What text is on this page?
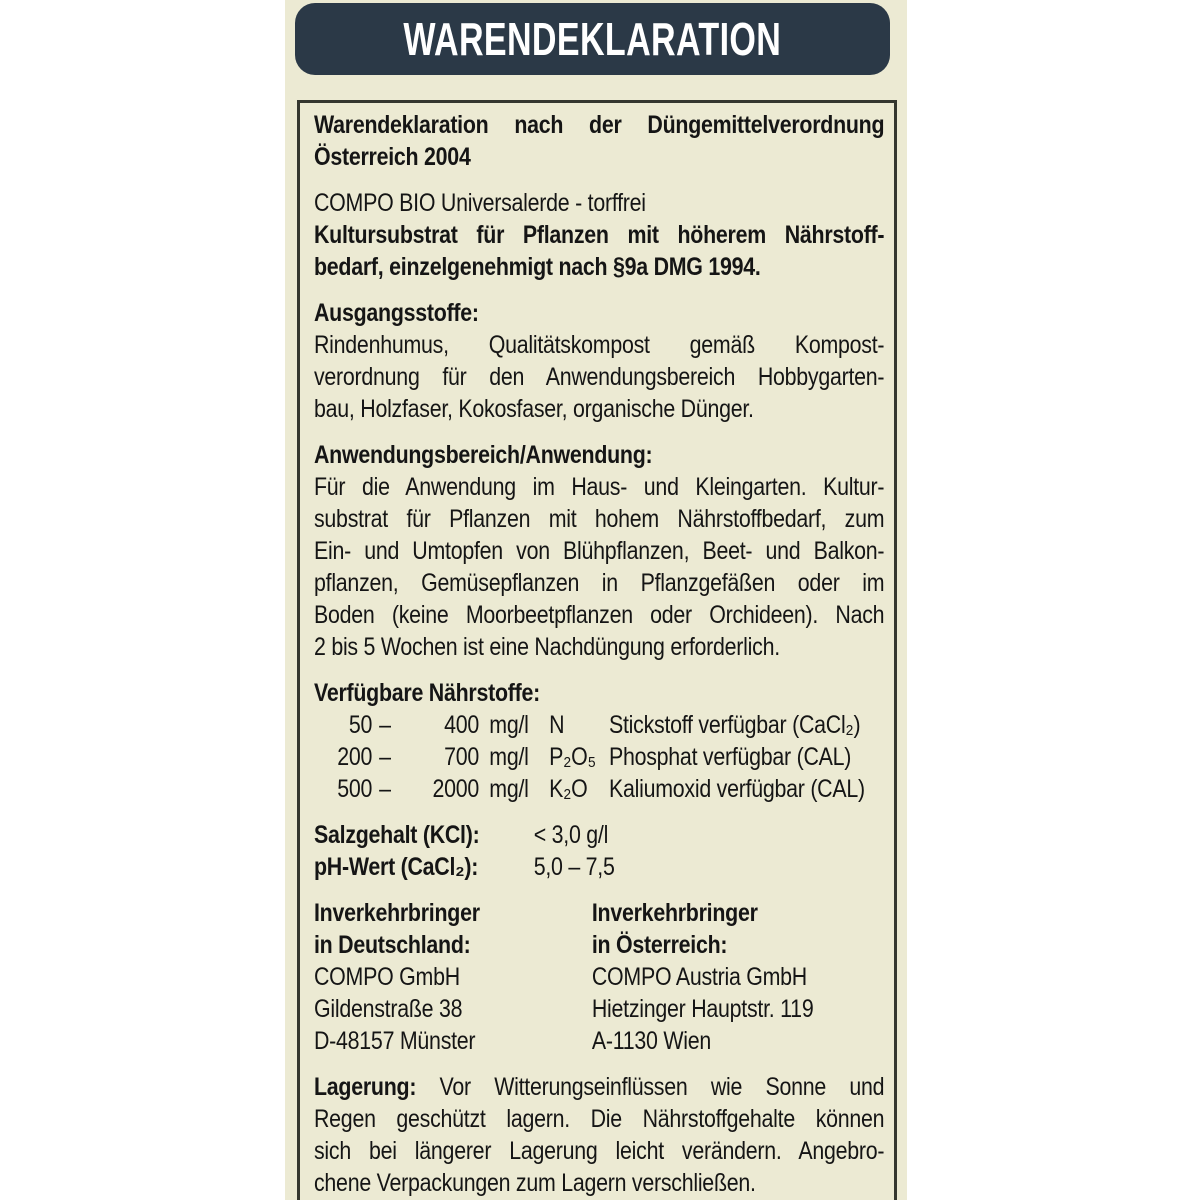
WARENDEKLARATION
Warendeklaration nach der Düngemittelverordnung
Österreich 2004
COMPO BIO Universalerde - torffrei
Kultursubstrat für Pflanzen mit höherem Nährstoff-
bedarf, einzelgenehmigt nach §9a DMG 1994.
Ausgangsstoffe:
Rindenhumus, Qualitätskompost gemäß Kompost-
verordnung für den Anwendungsbereich Hobbygarten-
bau, Holzfaser, Kokosfaser, organische Dünger.
Anwendungsbereich/Anwendung:
Für die Anwendung im Haus- und Kleingarten. Kultur-
substrat für Pflanzen mit hohem Nährstoffbedarf, zum
Ein- und Umtopfen von Blühpflanzen, Beet- und Balkon-
pflanzen, Gemüsepflanzen in Pflanzgefäßen oder im
Boden (keine Moorbeetpflanzen oder Orchideen). Nach
2 bis 5 Wochen ist eine Nachdüngung erforderlich.
Verfügbare Nährstoffe:
50 –	400 mg/l N	Stickstoff verfügbar (CaCl₂)
200 –	700 mg/l P₂O₅ Phosphat verfügbar (CAL)
500 –	2000 mg/l K₂O Kaliumoxid verfügbar (CAL)
Salzgehalt (KCl):	< 3,0 g/l
pH-Wert (CaCl₂):	5,0 – 7,5
Inverkehrbringer
in Deutschland:
COMPO GmbH
Gildenstraße 38
D-48157 Münster
Inverkehrbringer
in Österreich:
COMPO Austria GmbH
Hietzinger Hauptstr. 119
A-1130 Wien
Lagerung: Vor Witterungseinflüssen wie Sonne und
Regen geschützt lagern. Die Nährstoffgehalte können
sich bei längerer Lagerung leicht verändern. Angebro-
chene Verpackungen zum Lagern verschließen.
